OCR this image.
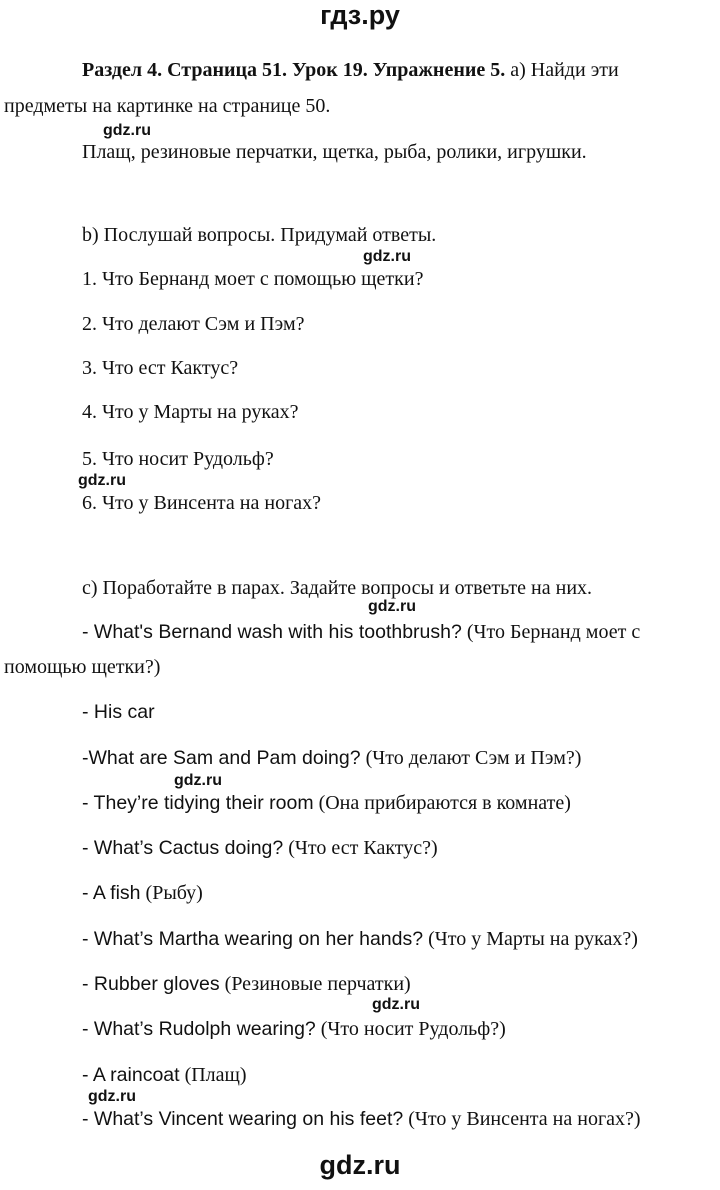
гдз.ру
Раздел 4. Страница 51. Урок 19. Упражнение 5. а) Найди эти
предметы на картинке на странице 50.
gdz.ru
Плащ, резиновые перчатки, щетка, рыба, ролики, игрушки.
b) Послушай вопросы. Придумай ответы.
gdz.ru
1. Что Бернанд моет с помощью щетки?
2. Что делают Сэм и Пэм?
3. Что ест Кактус?
4. Что у Марты на руках?
5. Что носит Рудольф?
gdz.ru
6. Что у Винсента на ногах?
c) Поработайте в парах. Задайте вопросы и ответьте на них.
gdz.ru
- What's Bernand wash with his toothbrush? (Что Бернанд моет с
помощью щетки?)
- His car
-What are Sam and Pam doing? (Что делают Сэм и Пэм?)
gdz.ru
- They’re tidying their room (Она прибираются в комнате)
- What’s Cactus doing? (Что ест Кактус?)
- A fish (Рыбу)
- What’s Martha wearing on her hands? (Что у Марты на руках?)
- Rubber gloves (Резиновые перчатки)
gdz.ru
- What’s Rudolph wearing? (Что носит Рудольф?)
- A raincoat (Плащ)
gdz.ru
- What’s Vincent wearing on his feet? (Что у Винсента на ногах?)
gdz.ru
